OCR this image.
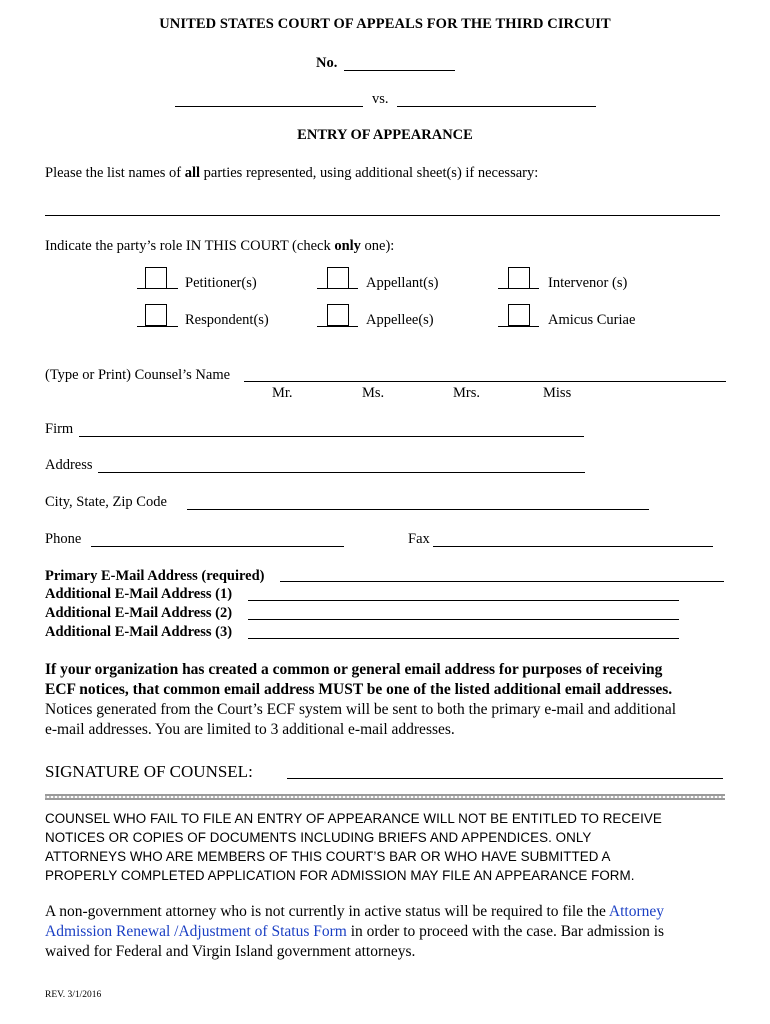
UNITED STATES COURT OF APPEALS FOR THE THIRD CIRCUIT
No.
vs.
ENTRY OF APPEARANCE
Please the list names of all parties represented, using additional sheet(s) if necessary:
Indicate the party’s role IN THIS COURT (check only one):
Petitioner(s)	Appellant(s)	Intervenor (s)
Respondent(s)	Appellee(s)	Amicus Curiae
(Type or Print) Counsel’s Name
Mr.	Ms.	Mrs.	Miss
Firm
Address
City, State, Zip Code
Phone	Fax
Primary E-Mail Address (required)
Additional E-Mail Address (1)
Additional E-Mail Address (2)
Additional E-Mail Address (3)
If your organization has created a common or general email address for purposes of receiving
ECF notices, that common email address MUST be one of the listed additional email addresses.
Notices generated from the Court’s ECF system will be sent to both the primary e-mail and additional
e-mail addresses. You are limited to 3 additional e-mail addresses.
SIGNATURE OF COUNSEL:
COUNSEL WHO FAIL TO FILE AN ENTRY OF APPEARANCE WILL NOT BE ENTITLED TO RECEIVE
NOTICES OR COPIES OF DOCUMENTS INCLUDING BRIEFS AND APPENDICES. ONLY
ATTORNEYS WHO ARE MEMBERS OF THIS COURT’S BAR OR WHO HAVE SUBMITTED A
PROPERLY COMPLETED APPLICATION FOR ADMISSION MAY FILE AN APPEARANCE FORM.
A non-government attorney who is not currently in active status will be required to file the Attorney
Admission Renewal /Adjustment of Status Form in order to proceed with the case. Bar admission is
waived for Federal and Virgin Island government attorneys.
REV. 3/1/2016
